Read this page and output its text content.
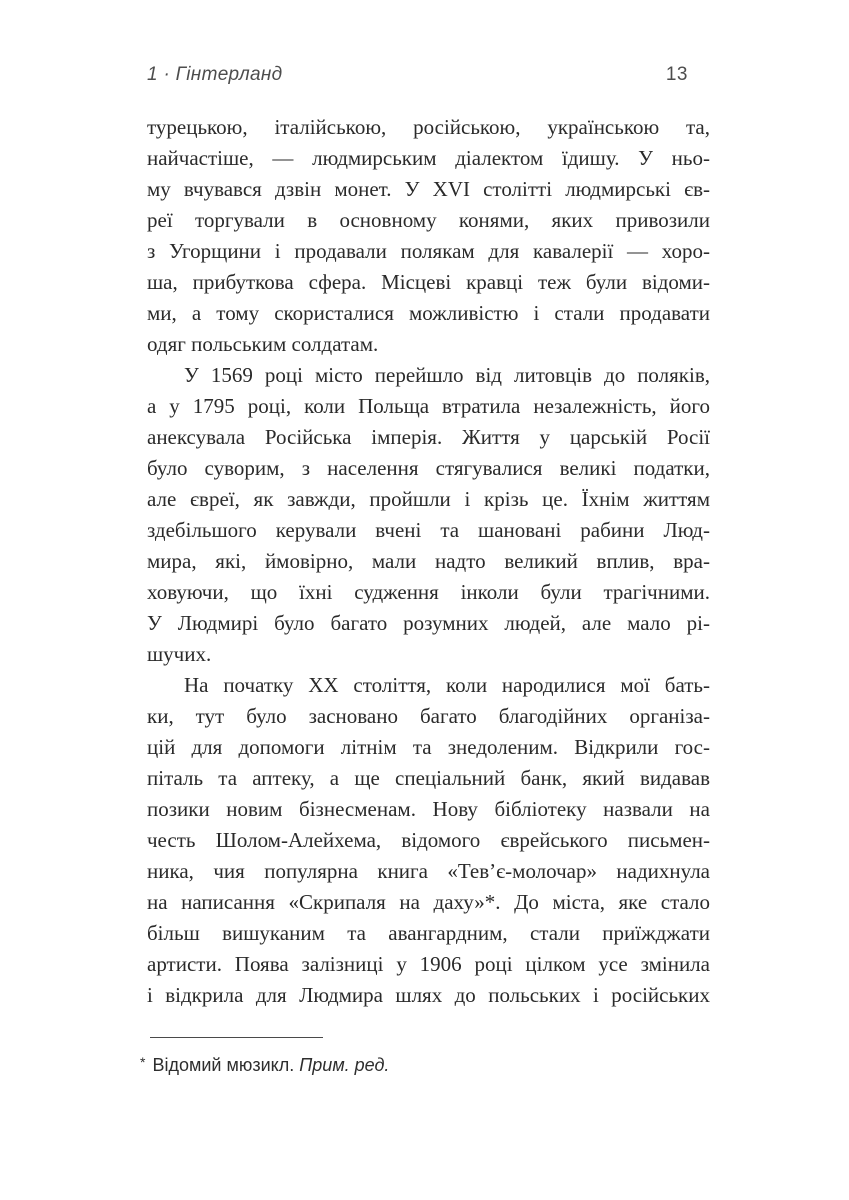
1 · Гінтерланд	13
турецькою, італійською, російською, українською та,
найчастіше, — людмирським діалектом їдишу. У ньо-
му вчувався дзвін монет. У XVI столітті людмирські єв-
реї торгували в основному конями, яких привозили
з Угорщини і продавали полякам для кавалерії — хоро-
ша, прибуткова сфера. Місцеві кравці теж були відоми-
ми, а тому скористалися можливістю і стали продавати
одяг польським солдатам.
У 1569 році місто перейшло від литовців до поляків,
а у 1795 році, коли Польща втратила незалежність, його
анексувала Російська імперія. Життя у царській Росії
було суворим, з населення стягувалися великі податки,
але євреї, як завжди, пройшли і крізь це. Їхнім життям
здебільшого керували вчені та шановані рабини Люд-
мира, які, ймовірно, мали надто великий вплив, вра-
ховуючи, що їхні судження інколи були трагічними.
У Людмирі було багато розумних людей, але мало рі-
шучих.
На початку XX століття, коли народилися мої бать-
ки, тут було засновано багато благодійних організа-
цій для допомоги літнім та знедоленим. Відкрили гос-
піталь та аптеку, а ще спеціальний банк, який видавав
позики новим бізнесменам. Нову бібліотеку назвали на
честь Шолом-Алейхема, відомого єврейського письмен-
ника, чия популярна книга «Тев’є-молочар» надихнула
на написання «Скрипаля на даху»*. До міста, яке стало
більш вишуканим та авангардним, стали приїжджати
артисти. Поява залізниці у 1906 році цілком усе змінила
і відкрила для Людмира шлях до польських і російських
* Відомий мюзикл. Прим. ред.
